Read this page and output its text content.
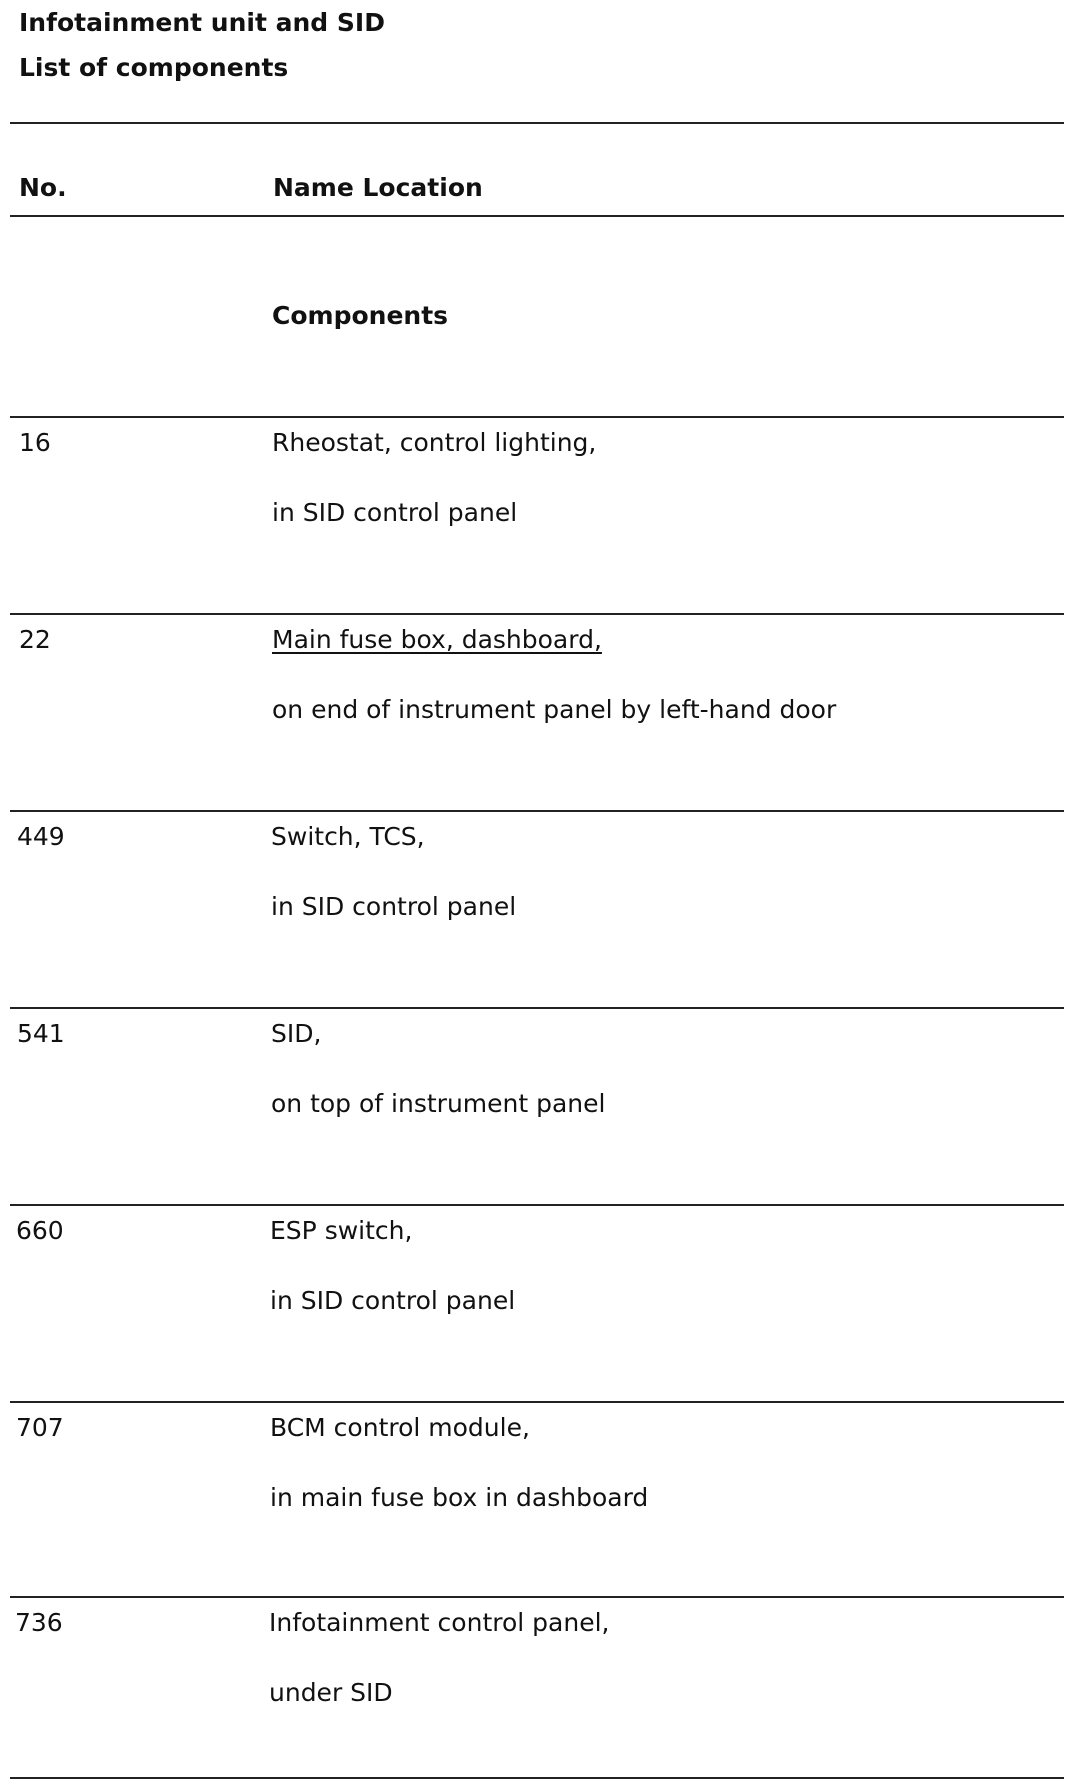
Infotainment unit and SID
List of components
No.	Name Location
Components
16	Rheostat, control lighting,
in SID control panel
22	Main fuse box, dashboard,
on end of instrument panel by left-hand door
449	Switch, TCS,
in SID control panel
541	SID,
on top of instrument panel
660	ESP switch,
in SID control panel
707	BCM control module,
in main fuse box in dashboard
736	Infotainment control panel,
under SID
